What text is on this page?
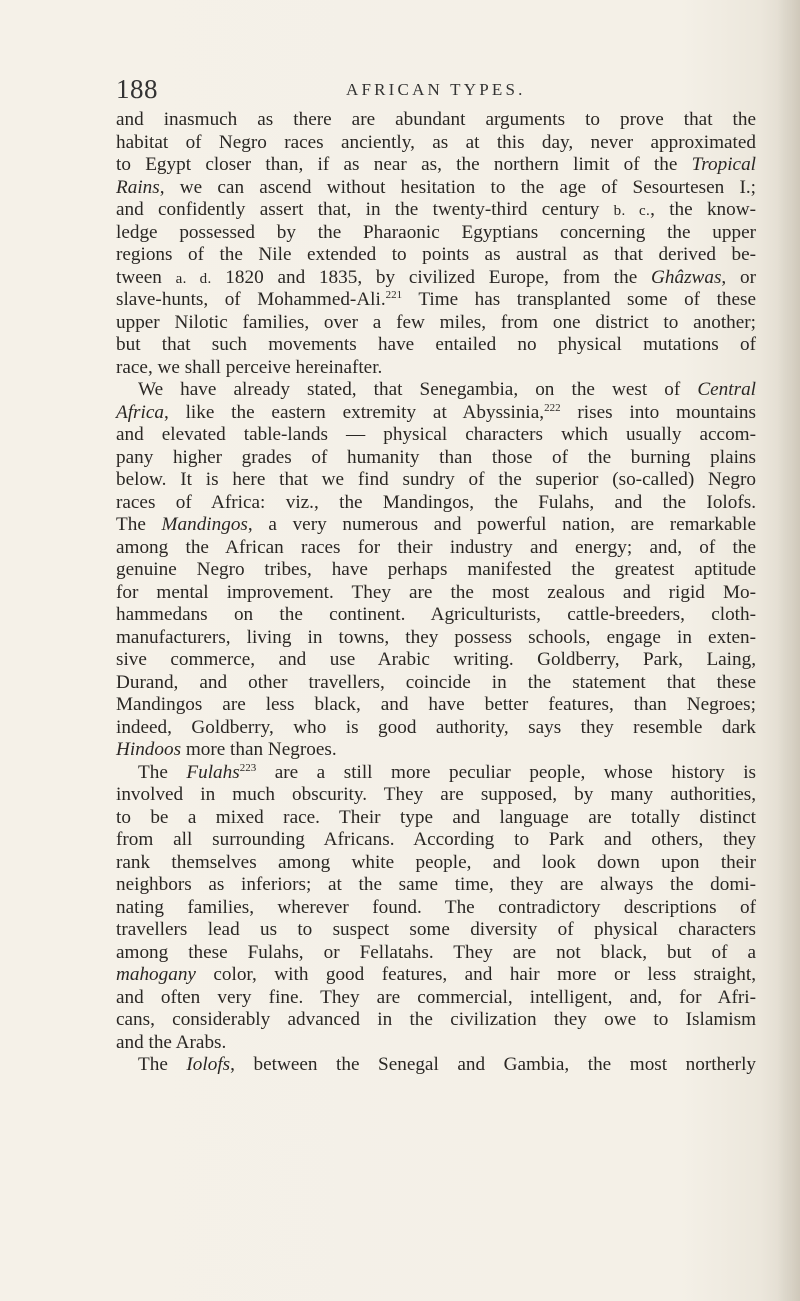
188	AFRICAN TYPES.
and inasmuch as there are abundant arguments to prove that the
habitat of Negro races anciently, as at this day, never approximated
to Egypt closer than, if as near as, the northern limit of the Tropical
Rains, we can ascend without hesitation to the age of Sesourtesen I.;
and confidently assert that, in the twenty-third century b. c., the know-
ledge possessed by the Pharaonic Egyptians concerning the upper
regions of the Nile extended to points as austral as that derived be-
tween a. d. 1820 and 1835, by civilized Europe, from the Ghâzwas, or
slave-hunts, of Mohammed-Ali.$^{221}$ Time has transplanted some of these
upper Nilotic families, over a few miles, from one district to another;
but that such movements have entailed no physical mutations of
race, we shall perceive hereinafter.
We have already stated, that Senegambia, on the west of Central
Africa, like the eastern extremity at Abyssinia,$^{222}$ rises into mountains
and elevated table-lands — physical characters which usually accom-
pany higher grades of humanity than those of the burning plains
below. It is here that we find sundry of the superior (so-called) Negro
races of Africa: viz., the Mandingos, the Fulahs, and the Iolofs.
The Mandingos, a very numerous and powerful nation, are remarkable
among the African races for their industry and energy; and, of the
genuine Negro tribes, have perhaps manifested the greatest aptitude
for mental improvement. They are the most zealous and rigid Mo-
hammedans on the continent. Agriculturists, cattle-breeders, cloth-
manufacturers, living in towns, they possess schools, engage in exten-
sive commerce, and use Arabic writing. Goldberry, Park, Laing,
Durand, and other travellers, coincide in the statement that these
Mandingos are less black, and have better features, than Negroes;
indeed, Goldberry, who is good authority, says they resemble dark
Hindoos more than Negroes.
The Fulahs$^{223}$ are a still more peculiar people, whose history is
involved in much obscurity. They are supposed, by many authorities,
to be a mixed race. Their type and language are totally distinct
from all surrounding Africans. According to Park and others, they
rank themselves among white people, and look down upon their
neighbors as inferiors; at the same time, they are always the domi-
nating families, wherever found. The contradictory descriptions of
travellers lead us to suspect some diversity of physical characters
among these Fulahs, or Fellatahs. They are not black, but of a
mahogany color, with good features, and hair more or less straight,
and often very fine. They are commercial, intelligent, and, for Afri-
cans, considerably advanced in the civilization they owe to Islamism
and the Arabs.
The Iolofs, between the Senegal and Gambia, the most northerly
